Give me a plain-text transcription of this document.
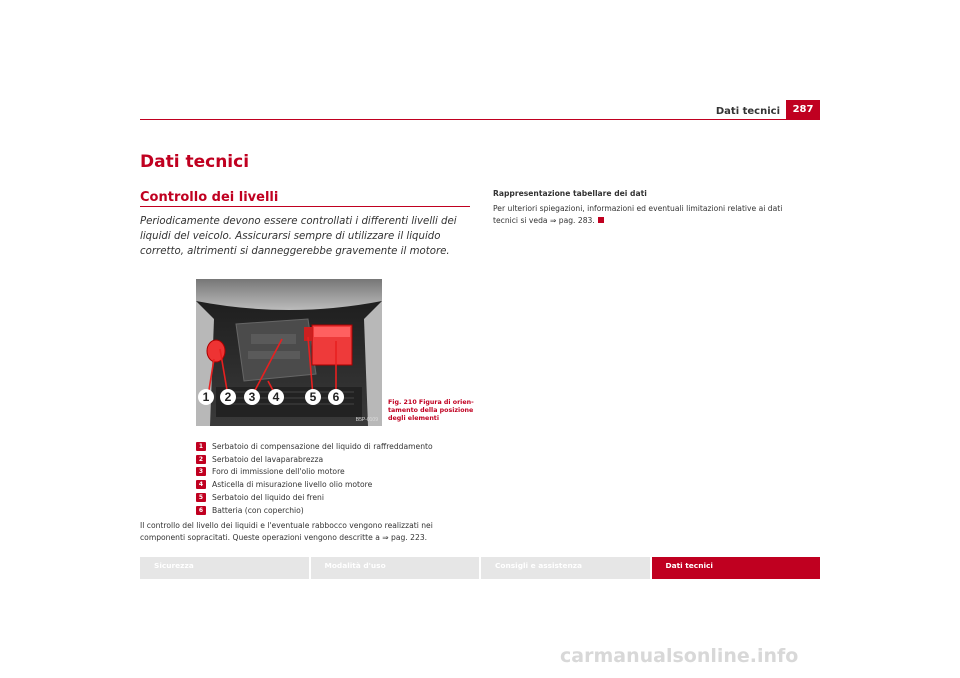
Dati tecnici	287
Dati tecnici
Controllo dei livelli
Periodicamente devono essere controllati i differenti livelli dei liquidi del veicolo. Assicurarsi sempre di utilizzare il liquido corretto, altrimenti si danneggerebbe gravemente il motore.
1 2 3 4	5 6
B5P-0109
Fig. 210 Figura di orien-
tamento della posizione
degli elementi
1	Serbatoio di compensazione del liquido di raffreddamento
2	Serbatoio del lavaparabrezza
3	Foro di immissione dell'olio motore
4	Asticella di misurazione livello olio motore
5	Serbatoio del liquido dei freni
6	Batteria (con coperchio)
Il controllo del livello dei liquidi e l'eventuale rabbocco vengono realizzati nei componenti sopracitati. Queste operazioni vengono descritte a ⇒ pag. 223.
Rappresentazione tabellare dei dati
Per ulteriori spiegazioni, informazioni ed eventuali limitazioni relative ai dati tecnici si veda ⇒ pag. 283.
Sicurezza	Modalità d'uso	Consigli e assistenza	Dati tecnici
carmanualsonline.info
